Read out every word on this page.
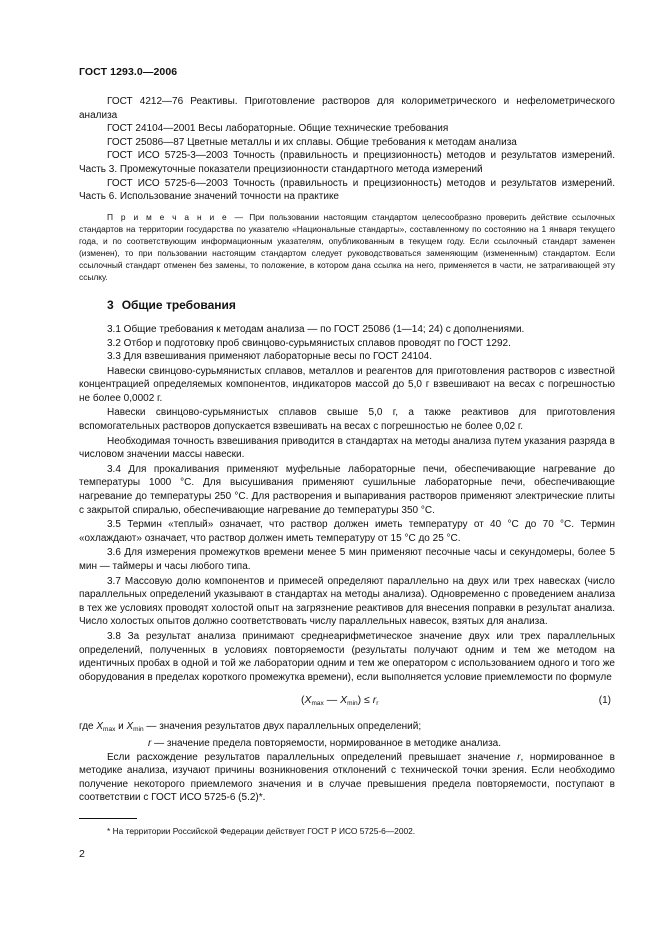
ГОСТ 1293.0—2006

ГОСТ 4212—76 Реактивы. Приготовление растворов для колориметрического и нефелометрического анализа

ГОСТ 24104—2001 Весы лабораторные. Общие технические требования

ГОСТ 25086—87 Цветные металлы и их сплавы. Общие требования к методам анализа

ГОСТ ИСО 5725-3—2003 Точность (правильность и прецизионность) методов и результатов измерений. Часть 3. Промежуточные показатели прецизионности стандартного метода измерений

ГОСТ ИСО 5725-6—2003 Точность (правильность и прецизионность) методов и результатов измерений. Часть 6. Использование значений точности на практике

П р и м е ч а н и е — При пользовании настоящим стандартом целесообразно проверить действие ссылочных стандартов на территории государства по указателю «Национальные стандарты», составленному по состоянию на 1 января текущего года, и по соответствующим информационным указателям, опубликованным в текущем году. Если ссылочный стандарт заменен (изменен), то при пользовании настоящим стандартом следует руководствоваться заменяющим (измененным) стандартом. Если ссылочный стандарт отменен без замены, то положение, в котором дана ссылка на него, применяется в части, не затрагивающей эту ссылку.
3 Общие требования

3.1 Общие требования к методам анализа — по ГОСТ 25086 (1—14; 24) с дополнениями.

3.2 Отбор и подготовку проб свинцово-сурьмянистых сплавов проводят по ГОСТ 1292.

3.3 Для взвешивания применяют лабораторные весы по ГОСТ 24104.

Навески свинцово-сурьмянистых сплавов, металлов и реагентов для приготовления растворов с известной концентрацией определяемых компонентов, индикаторов массой до 5,0 г взвешивают на весах с погрешностью не более 0,0002 г.

Навески свинцово-сурьмянистых сплавов свыше 5,0 г, а также реактивов для приготовления вспомогательных растворов допускается взвешивать на весах с погрешностью не более 0,02 г.

Необходимая точность взвешивания приводится в стандартах на методы анализа путем указания разряда в числовом значении массы навески.

3.4 Для прокаливания применяют муфельные лабораторные печи, обеспечивающие нагревание до температуры 1000 °С. Для высушивания применяют сушильные лабораторные печи, обеспечивающие нагревание до температуры 250 °С. Для растворения и выпаривания растворов применяют электрические плиты с закрытой спиралью, обеспечивающие нагревание до температуры 350 °С.

3.5 Термин «теплый» означает, что раствор должен иметь температуру от 40 °С до 70 °С. Термин «охлаждают» означает, что раствор должен иметь температуру от 15 °С до 25 °С.

3.6 Для измерения промежутков времени менее 5 мин применяют песочные часы и секундомеры, более 5 мин — таймеры и часы любого типа.

3.7 Массовую долю компонентов и примесей определяют параллельно на двух или трех навесках (число параллельных определений указывают в стандартах на методы анализа). Одновременно с проведением анализа в тех же условиях проводят холостой опыт на загрязнение реактивов для внесения поправки в результат анализа. Число холостых опытов должно соответствовать числу параллельных навесок, взятых для анализа.

3.8 За результат анализа принимают среднеарифметическое значение двух или трех параллельных определений, полученных в условиях повторяемости (результаты получают одним и тем же методом на идентичных пробах в одной и той же лаборатории одним и тем же оператором с использованием одного и того же оборудования в пределах короткого промежутка времени), если выполняется условие приемлемости по формуле

($X_{max}$ — $X_{min}) \le r_r$	(1)

где $X_{max}$ и $X_{min}$ — значения результатов двух параллельных определений;

r — значение предела повторяемости, нормированное в методике анализа.

Если расхождение результатов параллельных определений превышает значение r, нормированное в методике анализа, изучают причины возникновения отклонений с технической точки зрения. Если необходимо получение некоторого приемлемого значения и в случае превышения предела повторяемости, поступают в соответствии с ГОСТ ИСО 5725-6 (5.2)*.

* На территории Российской Федерации действует ГОСТ Р ИСО 5725-6—2002.
2
